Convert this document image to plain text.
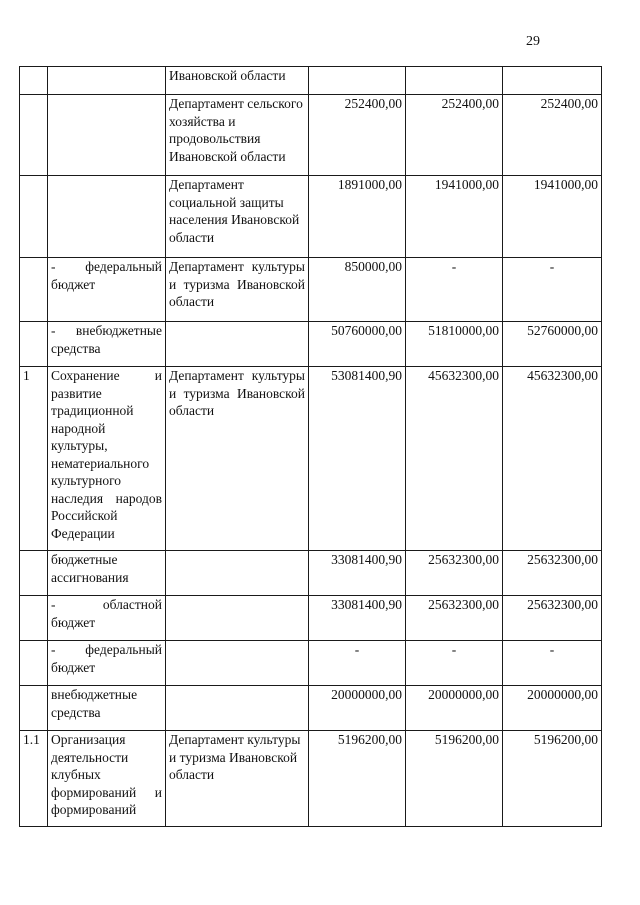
29
		Ивановской области			
		Департамент сельского хозяйства и продовольствия Ивановской области	252400,00	252400,00	252400,00
		Департамент социальной защиты населения Ивановской области	1891000,00	1941000,00	1941000,00
	- федеральный бюджет	Департамент культуры и туризма Ивановской области	850000,00	-	-
	- внебюджетные средства		50760000,00	51810000,00	52760000,00
1	Сохранение и развитие традиционной народной культуры, нематериального культурного наследия народов Российской Федерации	Департамент культуры и туризма Ивановской области	53081400,90	45632300,00	45632300,00
	бюджетные ассигнования		33081400,90	25632300,00	25632300,00
	- областной бюджет		33081400,90	25632300,00	25632300,00
	- федеральный бюджет		-	-	-
	внебюджетные средства		20000000,00	20000000,00	20000000,00
1.1	Организация деятельности клубных формирований и формирований	Департамент культуры и туризма Ивановской области	5196200,00	5196200,00	5196200,00
